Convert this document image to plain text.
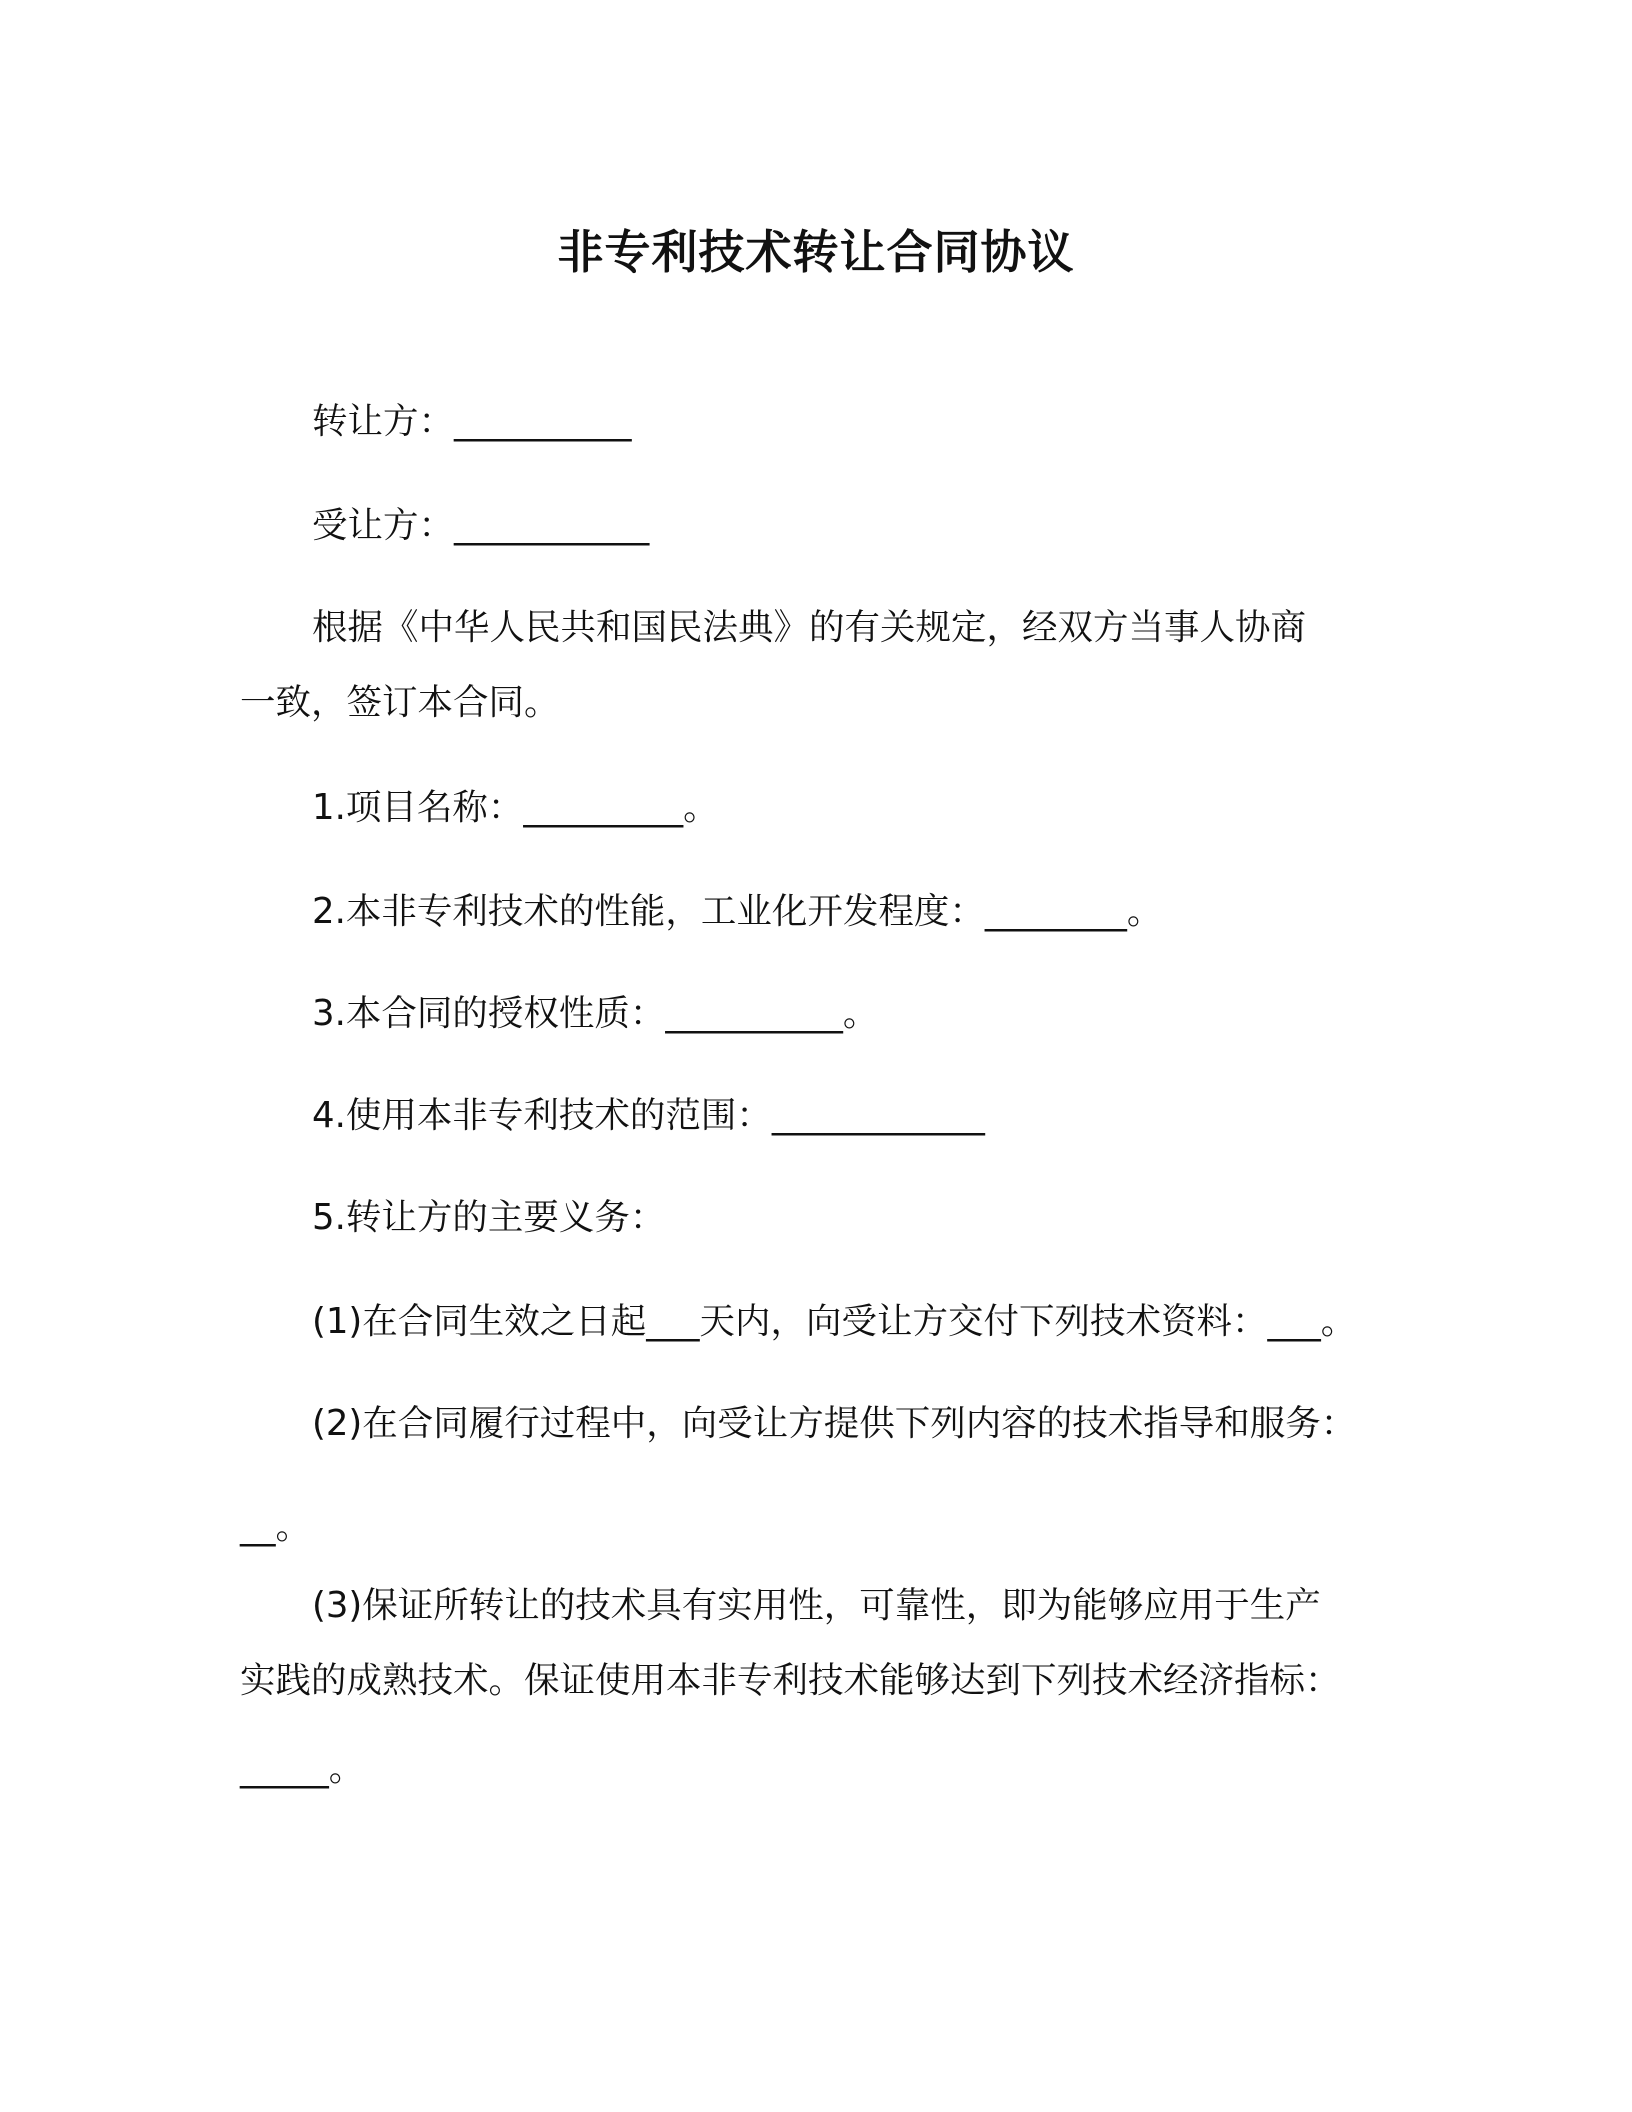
非专利技术转让合同协议
转让方：__________
受让方：___________
根据《中华人民共和国民法典》的有关规定，经双方当事人协商
一致，签订本合同。
1.项目名称：_________。
2.本非专利技术的性能，工业化开发程度：________。
3.本合同的授权性质：__________。
4.使用本非专利技术的范围：____________
5.转让方的主要义务：
(1)在合同生效之日起___天内，向受让方交付下列技术资料：___。
(2)在合同履行过程中，向受让方提供下列内容的技术指导和服务：
__。
(3)保证所转让的技术具有实用性，可靠性，即为能够应用于生产
实践的成熟技术。保证使用本非专利技术能够达到下列技术经济指标：
_____。
